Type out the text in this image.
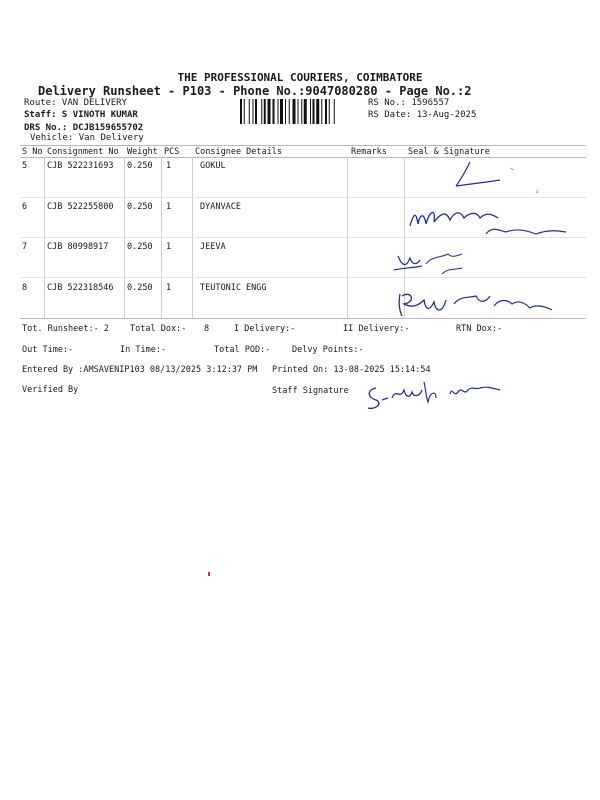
THE PROFESSIONAL COURIERS, COIMBATORE
Delivery Runsheet - P103 - Phone No.:9047080280 - Page No.:2
Route: VAN DELIVERY
Staff: S VINOTH KUMAR
DRS No.: DCJB159655702
Vehicle: Van Delivery
RS No.: 1596557
RS Date: 13-Aug-2025
S No Consignment No Weight PCS Consignee Details	Remarks Seal & Signature
5 CJB 522231693 0.250 1	GOKUL
6 CJB 522255800 0.250 1	DYANVACE
7 CJB 80998917 0.250 1	JEEVA
8 CJB 522318546 0.250 1	TEUTONIC ENGG
Tot. Runsheet:- 2 Total Dox:- 8	I Delivery:-	II Delivery:-	RTN Dox:-
Out Time:-	In Time:-	Total POD:-	Delvy Points:-
Entered By :AMSAVENIP103 08/13/2025 3:12:37 PM Printed On: 13-08-2025 15:14:54
Verified By	Staff Signature
